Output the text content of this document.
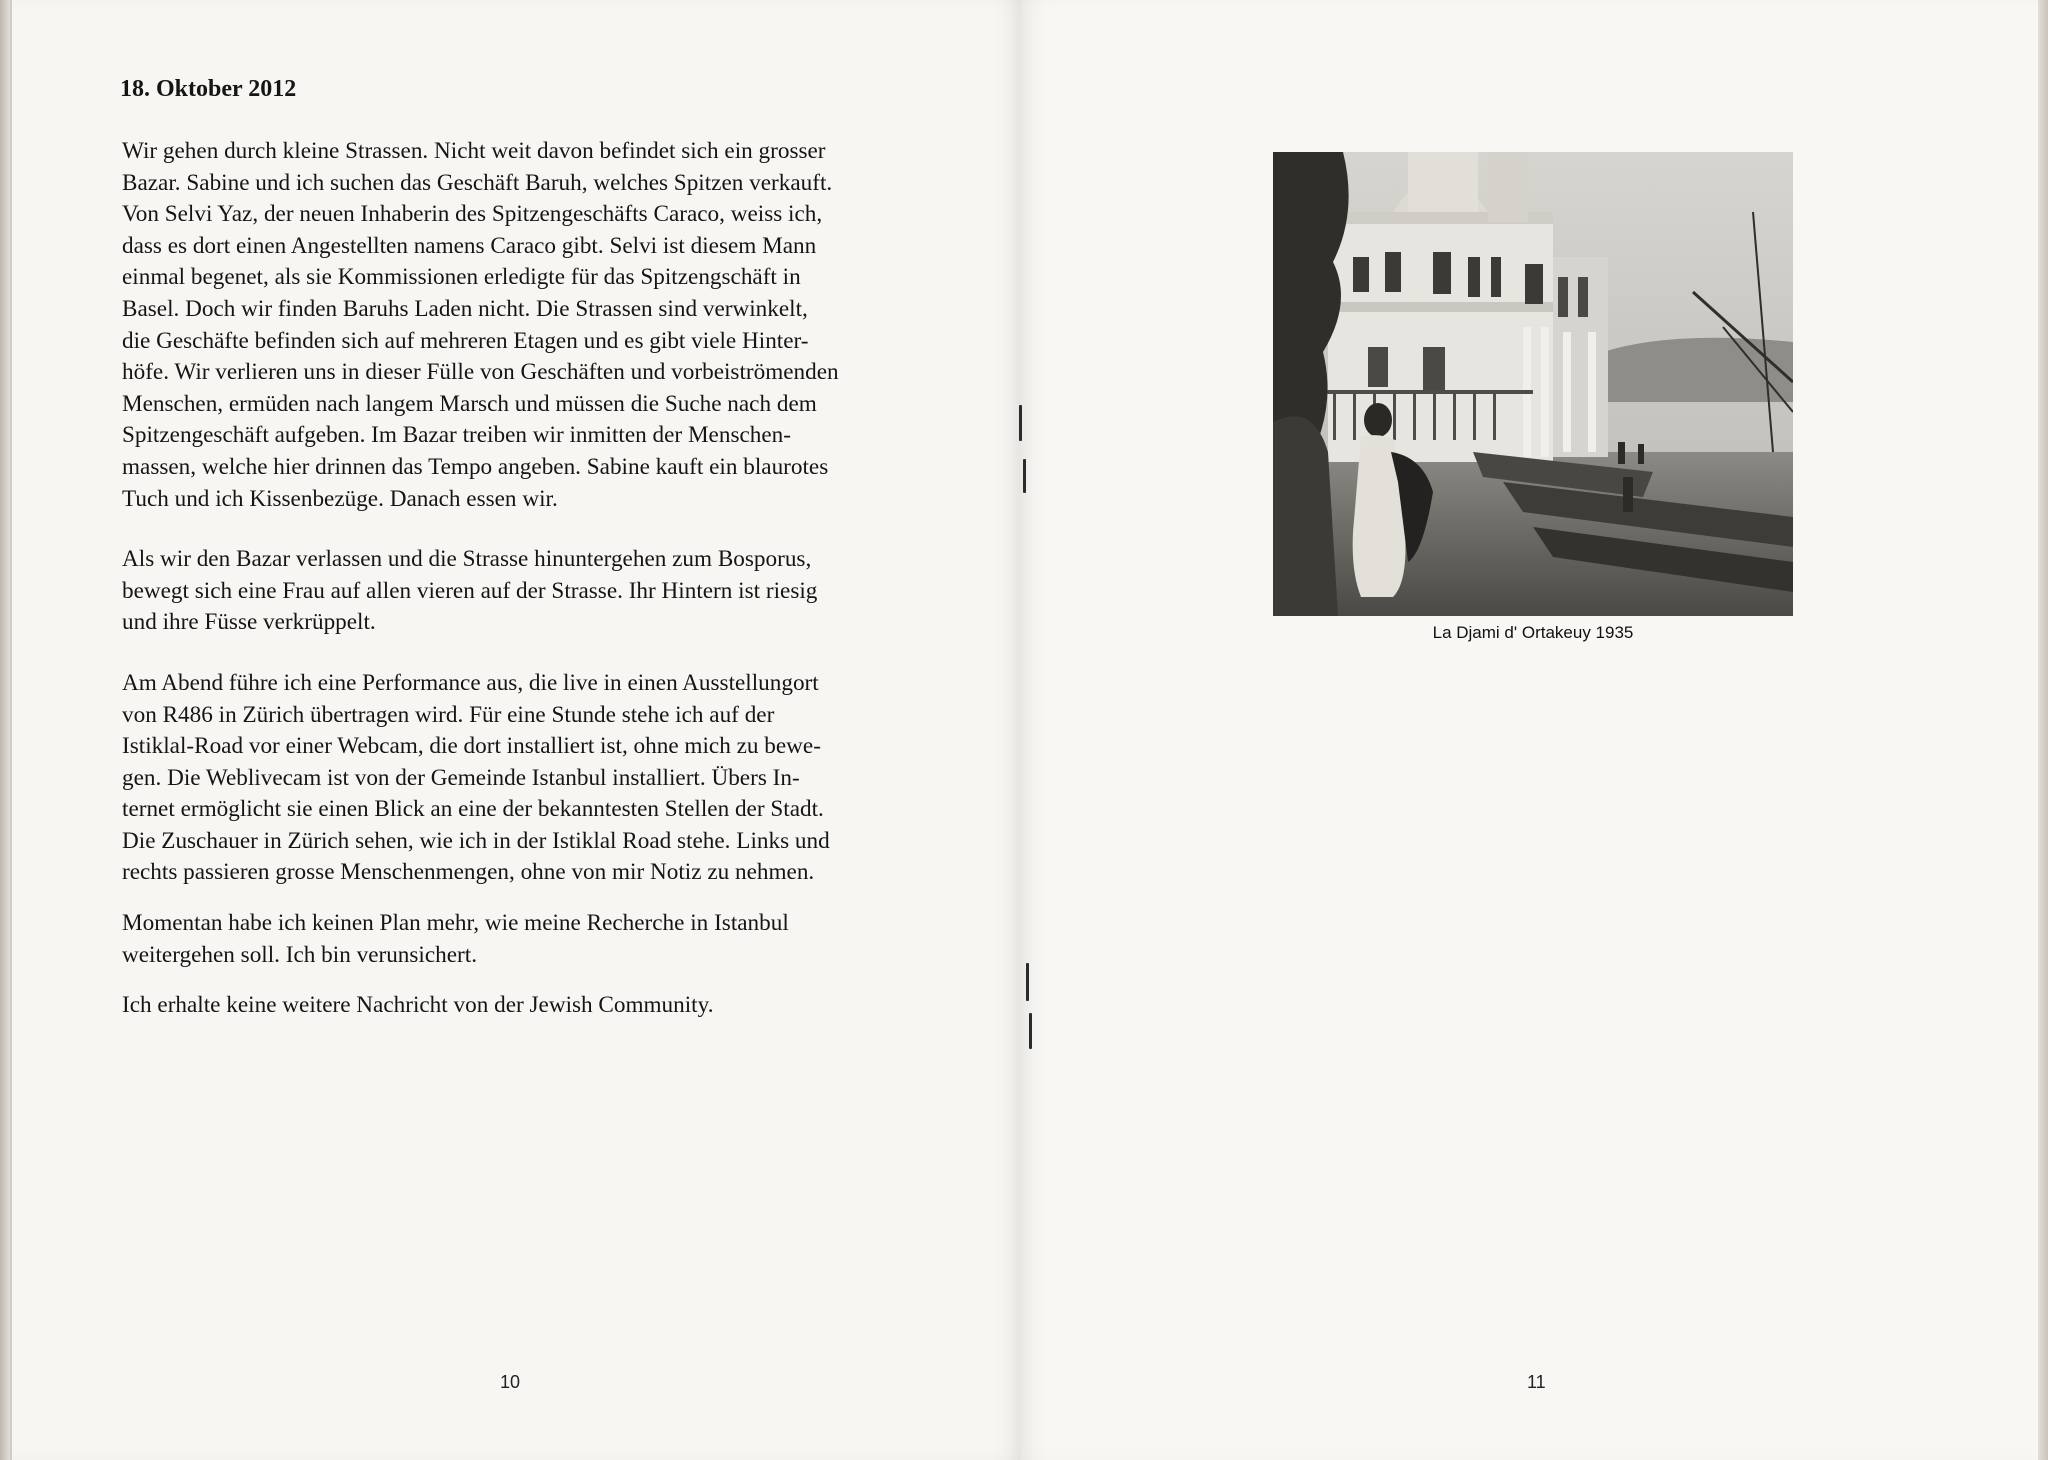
18. Oktober 2012

Wir gehen durch kleine Strassen. Nicht weit davon befindet sich ein grosser
Bazar. Sabine und ich suchen das Geschäft Baruh, welches Spitzen verkauft.
Von Selvi Yaz, der neuen Inhaberin des Spitzengeschäfts Caraco, weiss ich,
dass es dort einen Angestellten namens Caraco gibt. Selvi ist diesem Mann
einmal begenet, als sie Kommissionen erledigte für das Spitzengschäft in
Basel. Doch wir finden Baruhs Laden nicht. Die Strassen sind verwinkelt,
die Geschäfte befinden sich auf mehreren Etagen und es gibt viele Hinter-
höfe. Wir verlieren uns in dieser Fülle von Geschäften und vorbeiströmenden
Menschen, ermüden nach langem Marsch und müssen die Suche nach dem
Spitzengeschäft aufgeben. Im Bazar treiben wir inmitten der Menschen-
massen, welche hier drinnen das Tempo angeben. Sabine kauft ein blaurotes
Tuch und ich Kissenbezüge. Danach essen wir.

Als wir den Bazar verlassen und die Strasse hinuntergehen zum Bosporus,
bewegt sich eine Frau auf allen vieren auf der Strasse. Ihr Hintern ist riesig
und ihre Füsse verkrüppelt.

Am Abend führe ich eine Performance aus, die live in einen Ausstellungort
von R486 in Zürich übertragen wird. Für eine Stunde stehe ich auf der
Istiklal-Road vor einer Webcam, die dort installiert ist, ohne mich zu bewe-
gen. Die Weblivecam ist von der Gemeinde Istanbul installiert. Übers In-
ternet ermöglicht sie einen Blick an eine der bekanntesten Stellen der Stadt.
Die Zuschauer in Zürich sehen, wie ich in der Istiklal Road stehe. Links und
rechts passieren grosse Menschenmengen, ohne von mir Notiz zu nehmen.

Momentan habe ich keinen Plan mehr, wie meine Recherche in Istanbul
weitergehen soll. Ich bin verunsichert.

Ich erhalte keine weitere Nachricht von der Jewish Community.

10
La Djami d' Ortakeuy 1935
11
